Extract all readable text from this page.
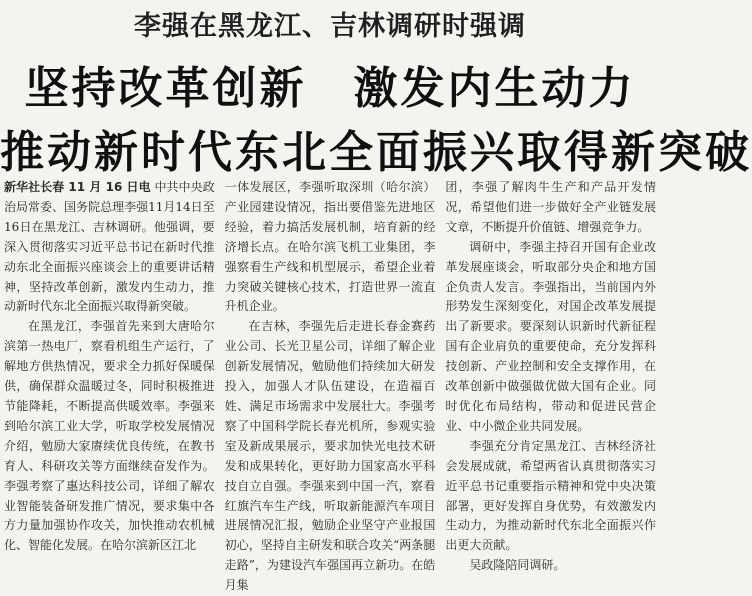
李强在黑龙江、吉林调研时强调
坚持改革创新　激发内生动力
推动新时代东北全面振兴取得新突破

新华社长春 11 月 16 日电 中共中央政治局常委、国务院总理李强11月14日至16日在黑龙江、吉林调研。他强调，要深入贯彻落实习近平总书记在新时代推动东北全面振兴座谈会上的重要讲话精神，坚持改革创新，激发内生动力，推动新时代东北全面振兴取得新突破。

在黑龙江，李强首先来到大唐哈尔滨第一热电厂，察看机组生产运行，了解地方供热情况，要求全力抓好保暖保供，确保群众温暖过冬，同时积极推进节能降耗，不断提高供暖效率。李强来到哈尔滨工业大学，听取学校发展情况介绍，勉励大家赓续优良传统，在教书育人、科研攻关等方面继续奋发作为。李强考察了惠达科技公司，详细了解农业智能装备研发推广情况，要求集中各方力量加强协作攻关，加快推动农机械化、智能化发展。在哈尔滨新区江北

一体发展区，李强听取深圳（哈尔滨）产业园建设情况，指出要借鉴先进地区经验，着力搞活发展机制，培育新的经济增长点。在哈尔滨飞机工业集团，李强察看生产线和机型展示，希望企业着力突破关键核心技术，打造世界一流直升机企业。

在吉林，李强先后走进长春金赛药业公司、长光卫星公司，详细了解企业创新发展情况，勉励他们持续加大研发投入，加强人才队伍建设，在造福百姓、满足市场需求中发展壮大。李强考察了中国科学院长春光机所，参观实验室及新成果展示，要求加快光电技术研发和成果转化，更好助力国家高水平科技自立自强。李强来到中国一汽，察看红旗汽车生产线，听取新能源汽车项目进展情况汇报，勉励企业坚守产业报国初心，坚持自主研发和联合攻关“两条腿走路”，为建设汽车强国再立新功。在皓月集

团，李强了解肉牛生产和产品开发情况，希望他们进一步做好全产业链发展文章，不断提升价值链、增强竞争力。

调研中，李强主持召开国有企业改革发展座谈会，听取部分央企和地方国企负责人发言。李强指出，当前国内外形势发生深刻变化，对国企改革发展提出了新要求。要深刻认识新时代新征程国有企业肩负的重要使命，充分发挥科技创新、产业控制和安全支撑作用，在改革创新中做强做优做大国有企业。同时优化布局结构，带动和促进民营企业、中小微企业共同发展。

李强充分肯定黑龙江、吉林经济社会发展成就，希望两省认真贯彻落实习近平总书记重要指示精神和党中央决策部署，更好发挥自身优势，有效激发内生动力，为推动新时代东北全面振兴作出更大贡献。

吴政隆陪同调研。
